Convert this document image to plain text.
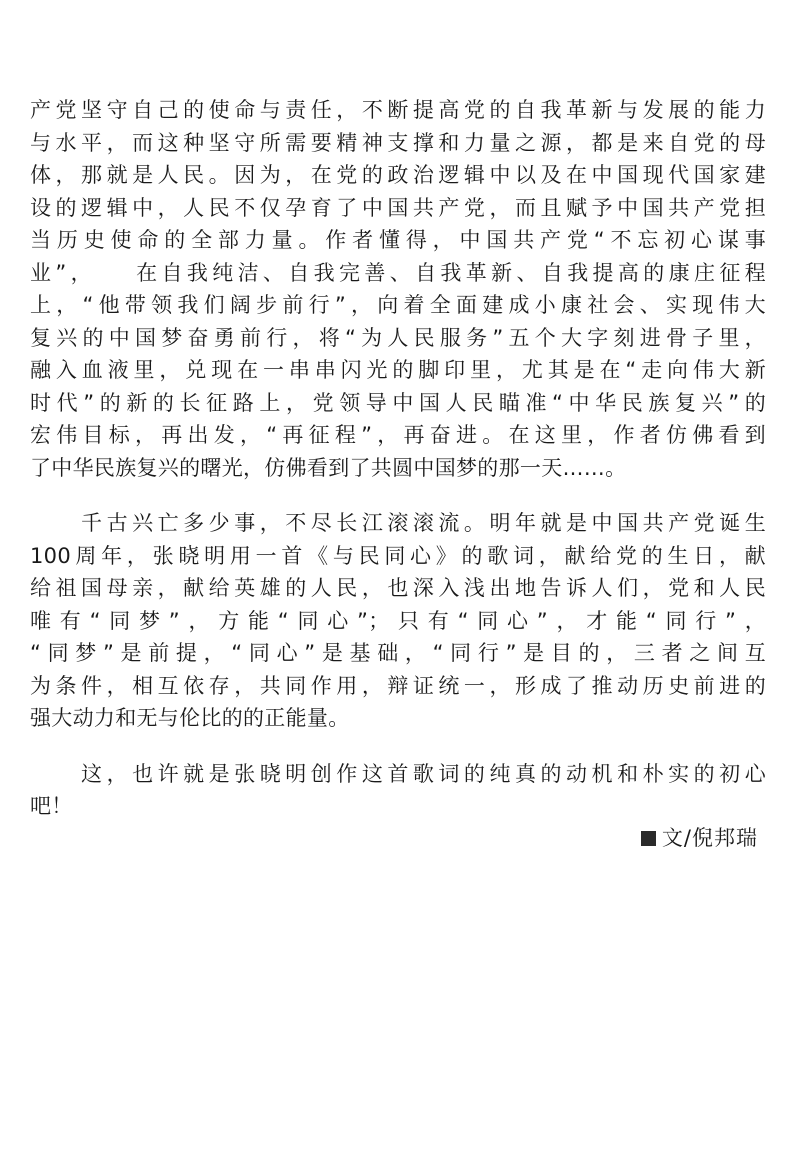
产党坚守自己的使命与责任，不断提高党的自我革新与发展的能力
与水平，而这种坚守所需要精神支撑和力量之源，都是来自党的母
体，那就是人民。因为，在党的政治逻辑中以及在中国现代国家建
设的逻辑中，人民不仅孕育了中国共产党，而且赋予中国共产党担
当历史使命的全部力量。作者懂得，中国共产党“不忘初心谋事
业”，　　在自我纯洁、自我完善、自我革新、自我提高的康庄征程
上，“他带领我们阔步前行”，向着全面建成小康社会、实现伟大
复兴的中国梦奋勇前行，将“为人民服务”五个大字刻进骨子里，
融入血液里，兑现在一串串闪光的脚印里，尤其是在“走向伟大新
时代”的新的长征路上，党领导中国人民瞄准“中华民族复兴”的
宏伟目标，再出发，“再征程”，再奋进。在这里，作者仿佛看到
了中华民族复兴的曙光，仿佛看到了共圆中国梦的那一天……。
　　千古兴亡多少事，不尽长江滚滚流。明年就是中国共产党诞生
100周年，张晓明用一首《与民同心》的歌词，献给党的生日，献
给祖国母亲，献给英雄的人民，也深入浅出地告诉人们，党和人民
唯有“同梦”，方能“同心”；只有“同心”，才能“同行”，
“同梦”是前提，“同心”是基础，“同行”是目的，三者之间互
为条件，相互依存，共同作用，辩证统一，形成了推动历史前进的
强大动力和无与伦比的的正能量。
　　这，也许就是张晓明创作这首歌词的纯真的动机和朴实的初心
吧！
文/倪邦瑞
